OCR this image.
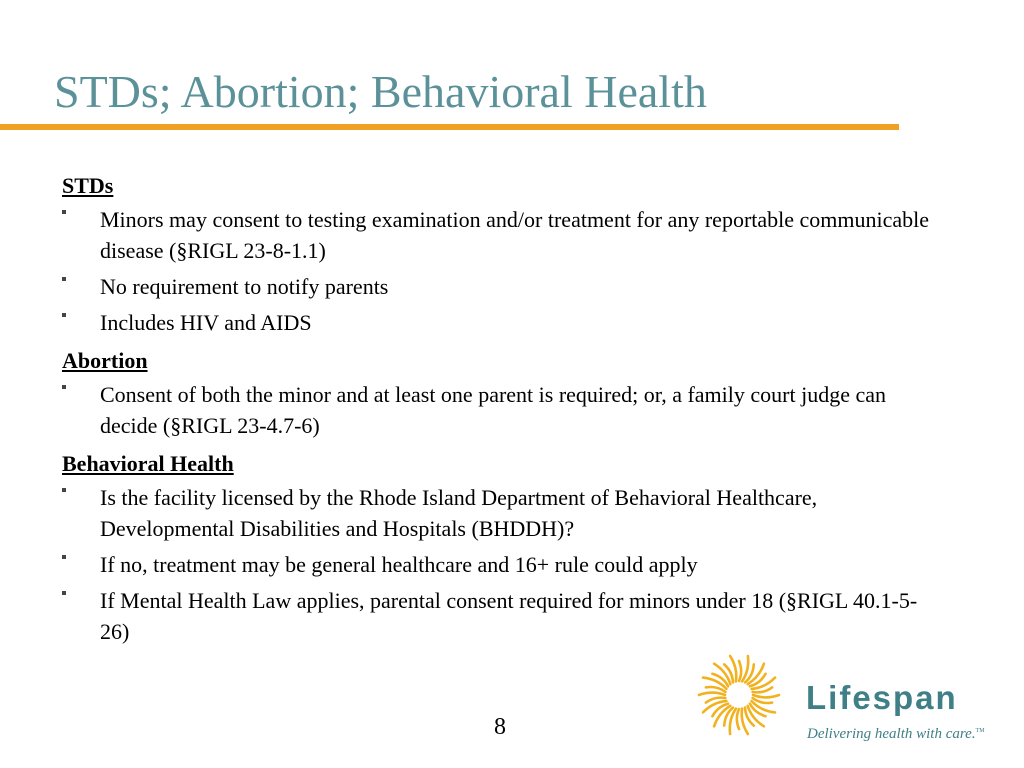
STDs; Abortion; Behavioral Health
STDs
Minors may consent to testing examination and/or treatment for any reportable communicable disease (§RIGL 23-8-1.1)
No requirement to notify parents
Includes HIV and AIDS
Abortion
Consent of both the minor and at least one parent is required; or, a family court judge can decide (§RIGL 23-4.7-6)
Behavioral Health
Is the facility licensed by the Rhode Island Department of Behavioral Healthcare, Developmental Disabilities and Hospitals (BHDDH)?
If no, treatment may be general healthcare and 16+ rule could apply
If Mental Health Law applies, parental consent required for minors under 18 (§RIGL 40.1-5-26)
8
Lifespan
Delivering health with care.™
